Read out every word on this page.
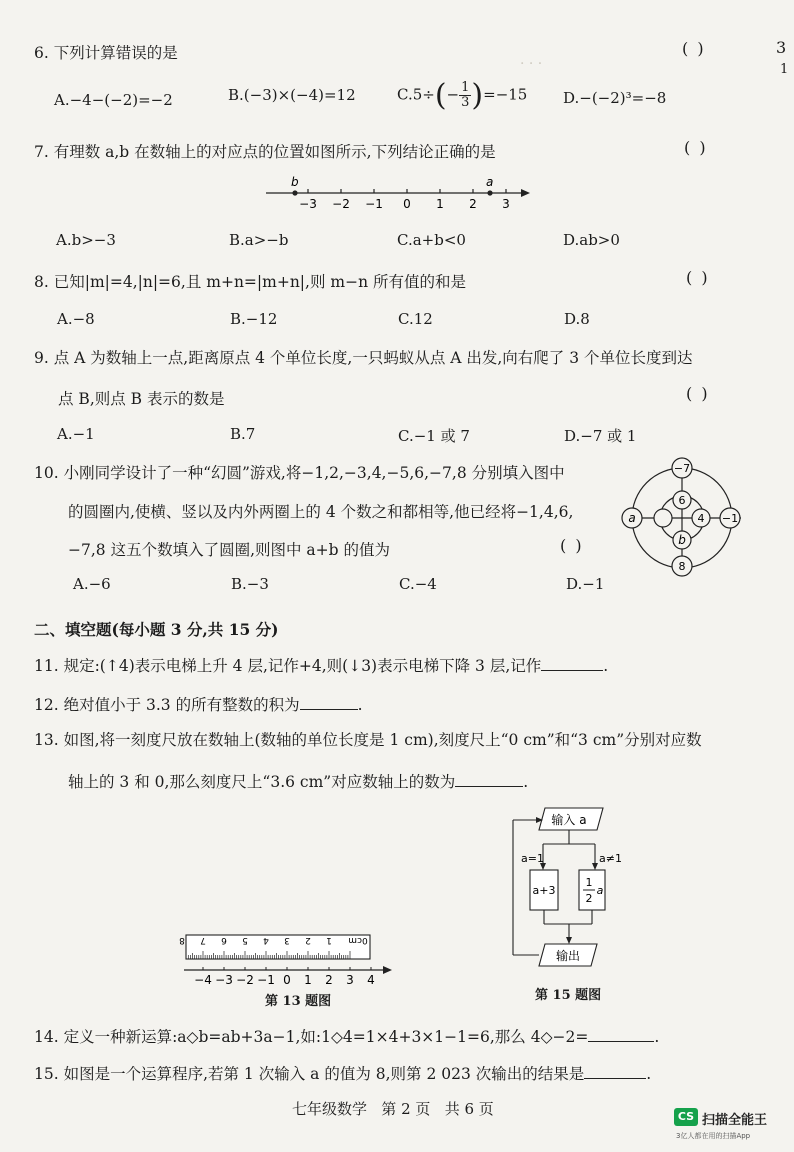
· · ·
3
1
6. 下列计算错误的是	( )
A.−4−(−2)=−2	B.(−3)×(−4)=12	$C.5\div(- \frac{1}{3} )=-15$ D.−(−2)³=−8
7. 有理数 a,b 在数轴上的对应点的位置如图所示,下列结论正确的是	( )
−3 −2 −1 0 1 2 3
b	a
A.b>−3	B.a>−b	C.a+b<0	D.ab>0
8. 已知|m|=4,|n|=6,且 m+n=|m+n|,则 m−n 所有值的和是	( )
A.−8	B.−12	C.12	D.8
9. 点 A 为数轴上一点,距离原点 4 个单位长度,一只蚂蚁从点 A 出发,向右爬了 3 个单位长度到达
点 B,则点 B 表示的数是	( )
A.−1	B.7	C.−1 或 7	D.−7 或 1
10. 小刚同学设计了一种“幻圆”游戏,将−1,2,−3,4,−5,6,−7,8 分别填入图中
的圆圈内,使横、竖以及内外两圈上的 4 个数之和都相等,他已经将−1,4,6,
−7,8 这五个数填入了圆圈,则图中 a+b 的值为	( )
A.−6	B.−3	C.−4	D.−1
−7
6
a	4 −1
b
8
二、填空题(每小题 3 分,共 15 分)
11. 规定:(↑4)表示电梯上升 4 层,记作+4,则(↓3)表示电梯下降 3 层,记作	.
12. 绝对值小于 3.3 的所有整数的积为	.
13. 如图,将一刻度尺放在数轴上(数轴的单位长度是 1 cm),刻度尺上“0 cm”和“3 cm”分别对应数
轴上的 3 和 0,那么刻度尺上“3.6 cm”对应数轴上的数为	.
8 7 6 5 4 3 2 1 0cm
−4 −3 −2 −1 0 1 2 3 4
第 13 题图
输入 a
a=1	a≠1
a+3
1
2
a
输出
第 15 题图
14. 定义一种新运算:a◇b=ab+3a−1,如:1◇4=1×4+3×1−1=6,那么 4◇−2=	.
15. 如图是一个运算程序,若第 1 次输入 a 的值为 8,则第 2 023 次输出的结果是	.
七年级数学   第 2 页   共 6 页	CS 扫描全能王
3亿人都在用的扫描App
